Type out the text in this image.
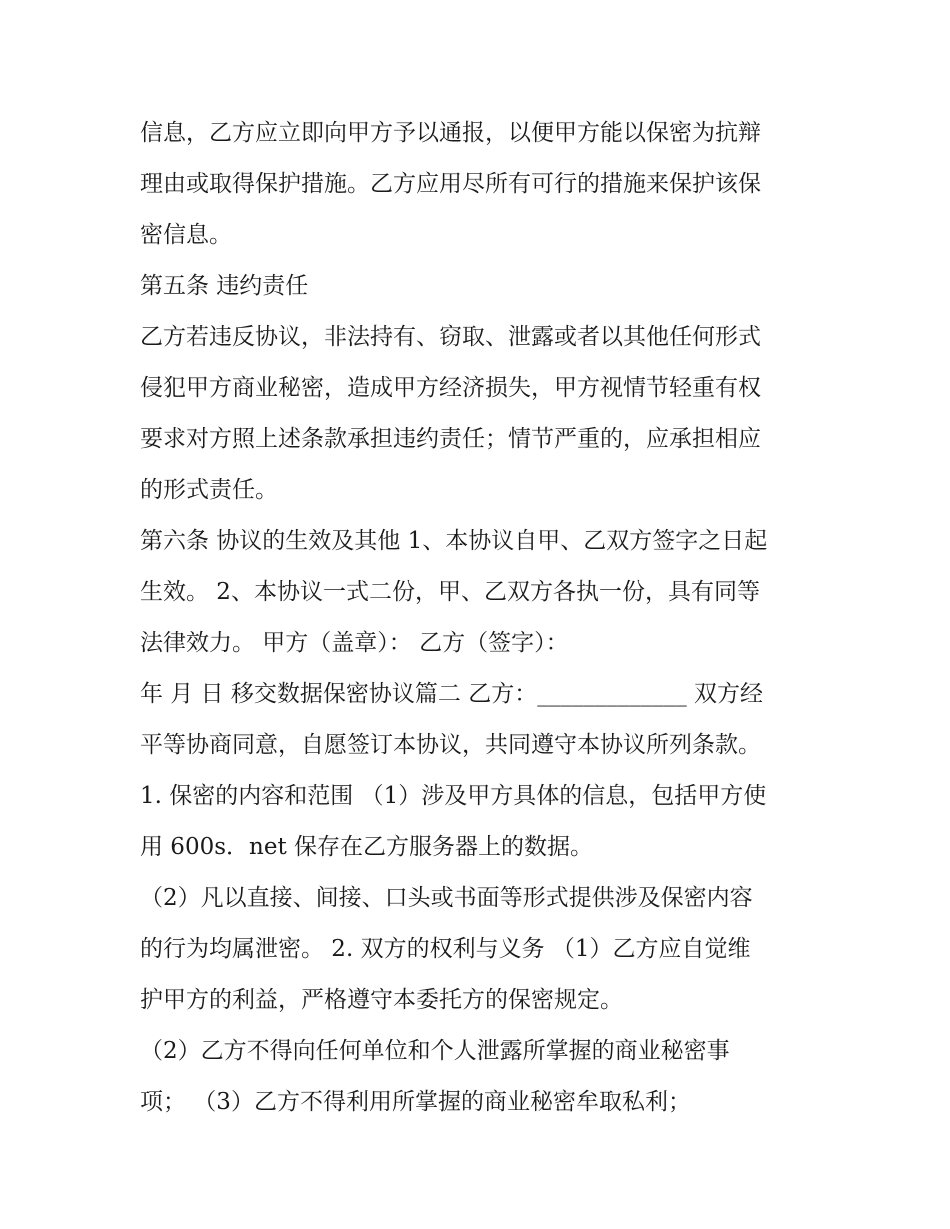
信息，乙方应立即向甲方予以通报，以便甲方能以保密为抗辩
理由或取得保护措施。乙方应用尽所有可行的措施来保护该保
密信息。
第五条 违约责任
乙方若违反协议，非法持有、窃取、泄露或者以其他任何形式
侵犯甲方商业秘密，造成甲方经济损失，甲方视情节轻重有权
要求对方照上述条款承担违约责任；情节严重的，应承担相应
的形式责任。
第六条 协议的生效及其他 1、本协议自甲、乙双方签字之日起
生效。 2、本协议一式二份，甲、乙双方各执一份，具有同等
法律效力。 甲方（盖章）： 乙方（签字）：
年 月 日 移交数据保密协议篇二 乙方：_____________ 双方经
平等协商同意，自愿签订本协议，共同遵守本协议所列条款。
1. 保密的内容和范围 （1）涉及甲方具体的信息，包括甲方使
用 600s．net 保存在乙方服务器上的数据。
（2）凡以直接、间接、口头或书面等形式提供涉及保密内容
的行为均属泄密。 2. 双方的权利与义务 （1）乙方应自觉维
护甲方的利益，严格遵守本委托方的保密规定。
（2）乙方不得向任何单位和个人泄露所掌握的商业秘密事
项； （3）乙方不得利用所掌握的商业秘密牟取私利；
